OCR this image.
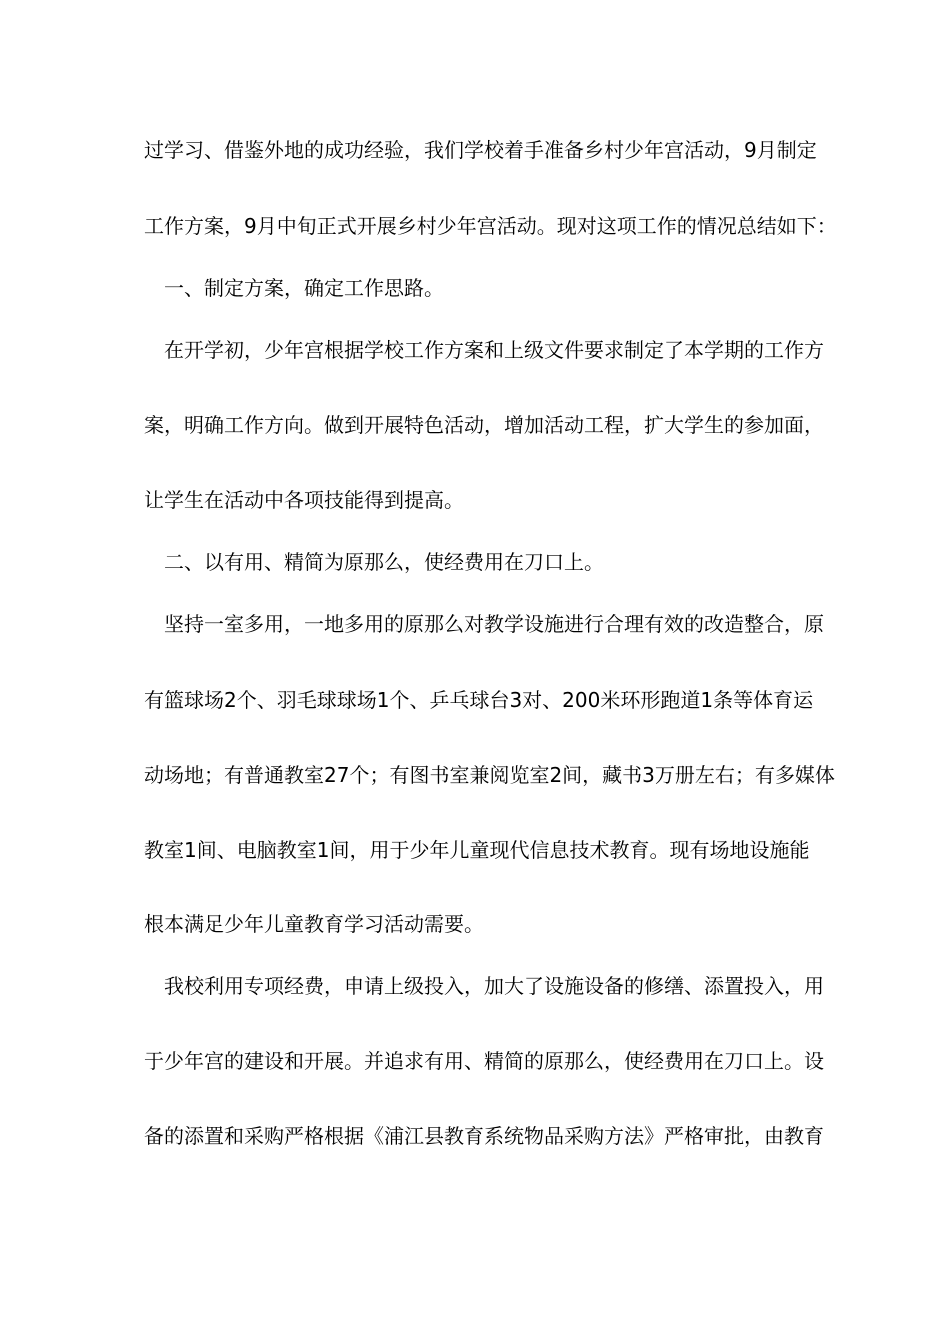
过学习、借鉴外地的成功经验，我们学校着手准备乡村少年宫活动，9月制定
工作方案，9月中旬正式开展乡村少年宫活动。现对这项工作的情况总结如下：
一、制定方案，确定工作思路。
在开学初，少年宫根据学校工作方案和上级文件要求制定了本学期的工作方
案，明确工作方向。做到开展特色活动，增加活动工程，扩大学生的参加面，
让学生在活动中各项技能得到提高。
二、以有用、精简为原那么，使经费用在刀口上。
坚持一室多用，一地多用的原那么对教学设施进行合理有效的改造整合，原
有篮球场2个、羽毛球球场1个、乒乓球台3对、200米环形跑道1条等体育运
动场地；有普通教室27个；有图书室兼阅览室2间，藏书3万册左右；有多媒体
教室1间、电脑教室1间，用于少年儿童现代信息技术教育。现有场地设施能
根本满足少年儿童教育学习活动需要。
我校利用专项经费，申请上级投入，加大了设施设备的修缮、添置投入，用
于少年宫的建设和开展。并追求有用、精简的原那么，使经费用在刀口上。设
备的添置和采购严格根据《浦江县教育系统物品采购方法》严格审批，由教育
